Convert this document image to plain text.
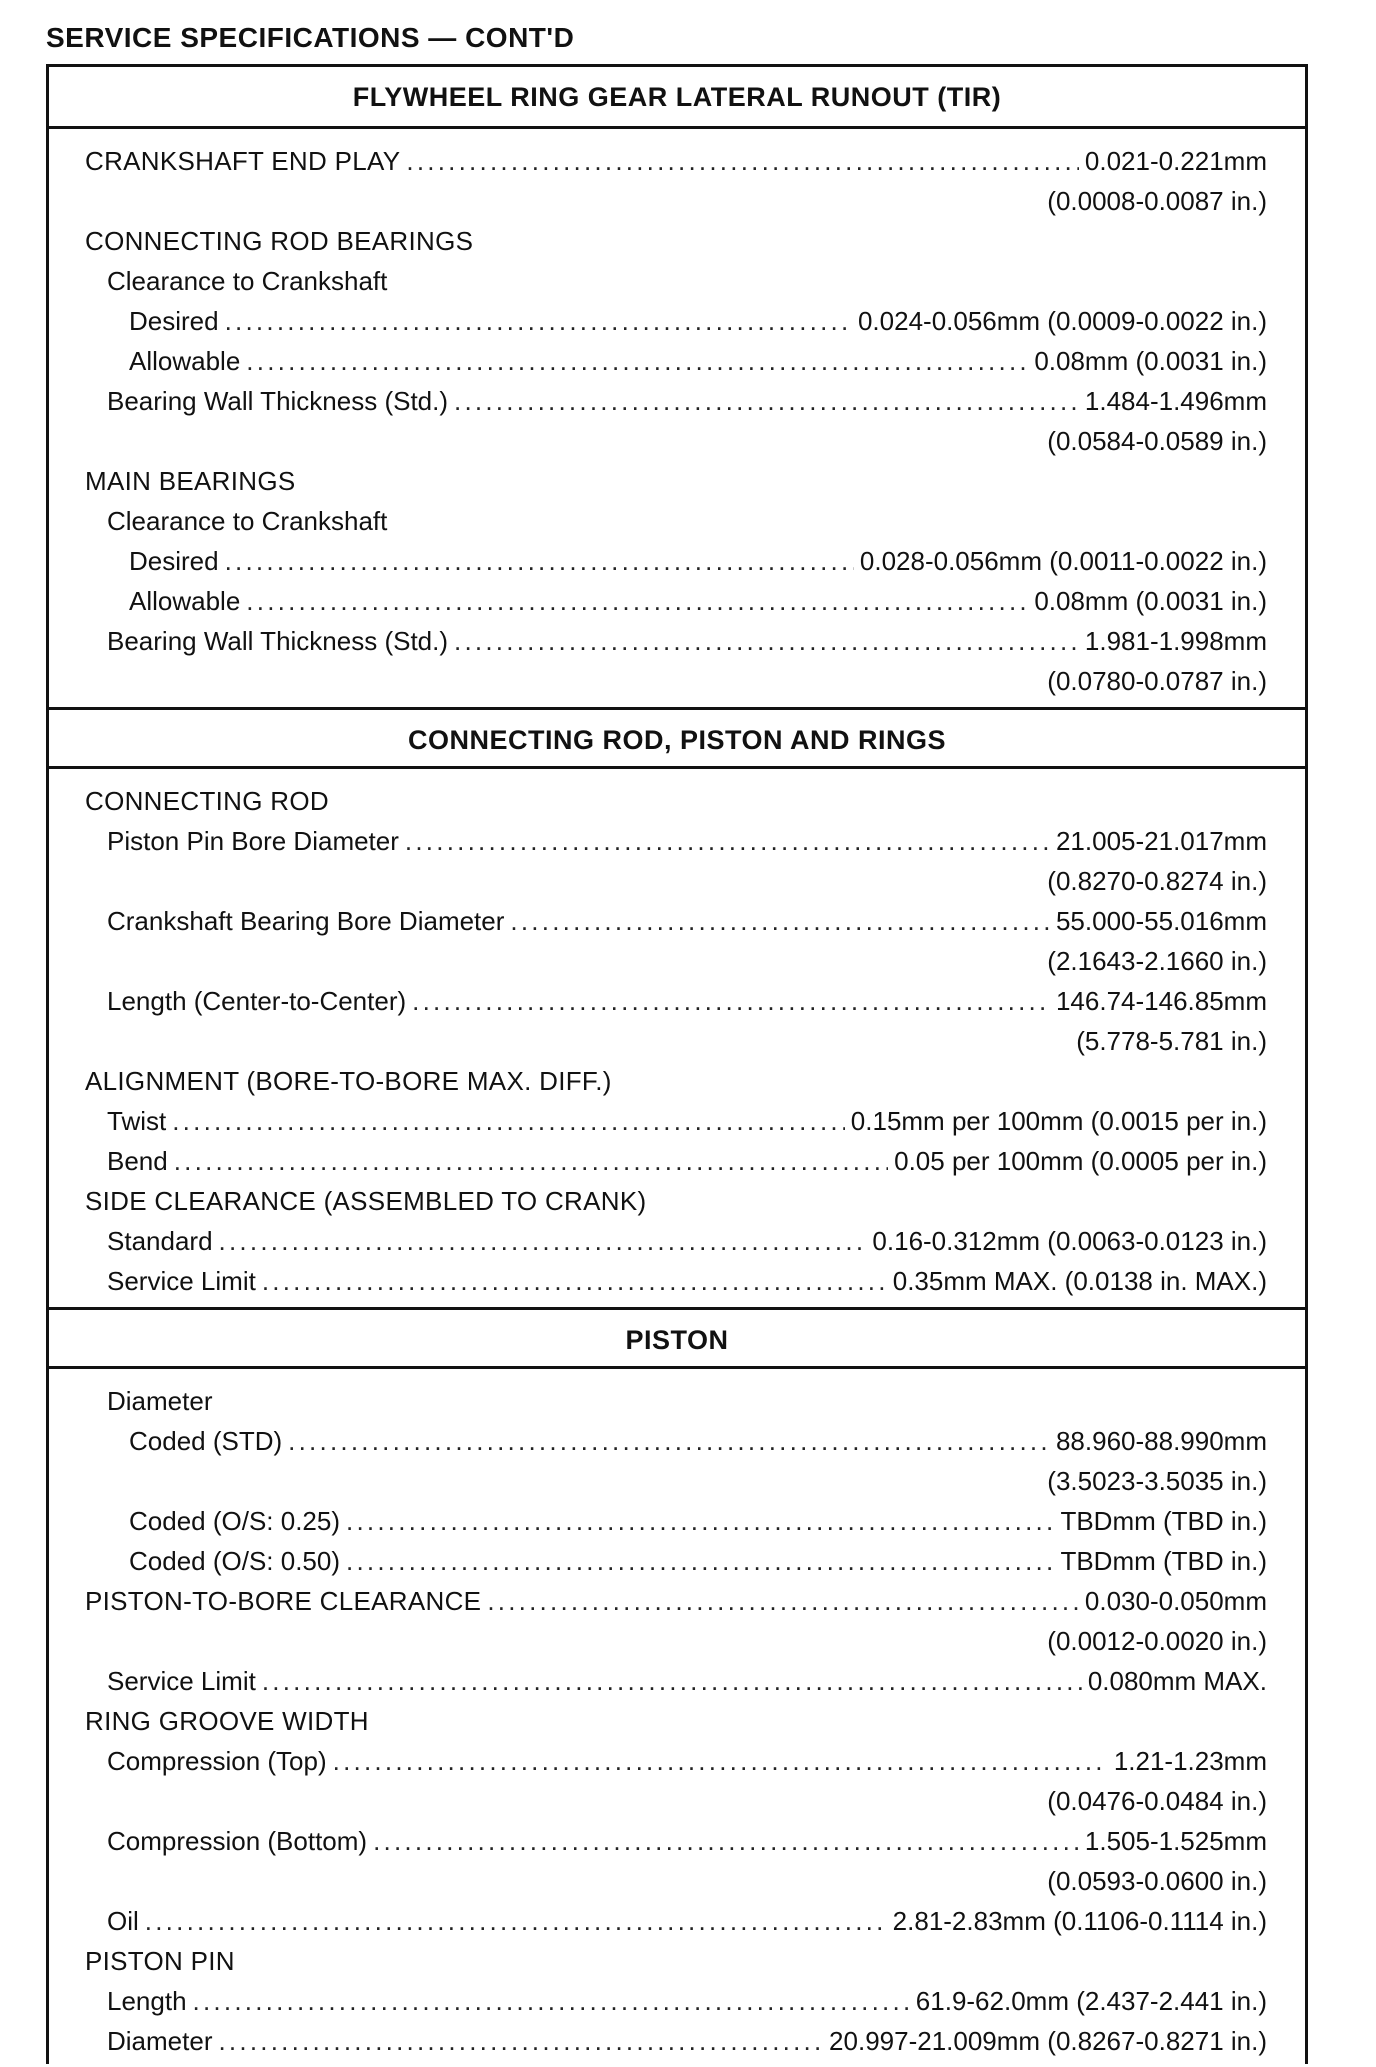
SERVICE SPECIFICATIONS — CONT'D
FLYWHEEL RING GEAR LATERAL RUNOUT (TIR)
CRANKSHAFT END PLAY . . .	0.021-0.221mm
(0.0008-0.0087 in.)
CONNECTING ROD BEARINGS
Clearance to Crankshaft
Desired . . .	0.024-0.056mm (0.0009-0.0022 in.)
Allowable . . .	0.08mm (0.0031 in.)
Bearing Wall Thickness (Std.) . . .	1.484-1.496mm
(0.0584-0.0589 in.)
MAIN BEARINGS
Clearance to Crankshaft
Desired . . .	0.028-0.056mm (0.0011-0.0022 in.)
Allowable . . .	0.08mm (0.0031 in.)
Bearing Wall Thickness (Std.) . . .	1.981-1.998mm
(0.0780-0.0787 in.)
CONNECTING ROD, PISTON AND RINGS
CONNECTING ROD
Piston Pin Bore Diameter . . .	21.005-21.017mm
(0.8270-0.8274 in.)
Crankshaft Bearing Bore Diameter . . .	55.000-55.016mm
(2.1643-2.1660 in.)
Length (Center-to-Center) . . .	146.74-146.85mm
(5.778-5.781 in.)
ALIGNMENT (BORE-TO-BORE MAX. DIFF.)
Twist . . .	0.15mm per 100mm (0.0015 per in.)
Bend . . .	0.05 per 100mm (0.0005 per in.)
SIDE CLEARANCE (ASSEMBLED TO CRANK)
Standard . . .	0.16-0.312mm (0.0063-0.0123 in.)
Service Limit . . .	0.35mm MAX. (0.0138 in. MAX.)
PISTON
Diameter
Coded (STD) . . .	88.960-88.990mm
(3.5023-3.5035 in.)
Coded (O/S: 0.25) . . .	TBDmm (TBD in.)
Coded (O/S: 0.50) . . .	TBDmm (TBD in.)
PISTON-TO-BORE CLEARANCE . . .	0.030-0.050mm
(0.0012-0.0020 in.)
Service Limit . . .	0.080mm MAX.
RING GROOVE WIDTH
Compression (Top) . . .	1.21-1.23mm
(0.0476-0.0484 in.)
Compression (Bottom) . . .	1.505-1.525mm
(0.0593-0.0600 in.)
Oil . . .	2.81-2.83mm (0.1106-0.1114 in.)
PISTON PIN
Length . . .	61.9-62.0mm (2.437-2.441 in.)
Diameter . . .	20.997-21.009mm (0.8267-0.8271 in.)
